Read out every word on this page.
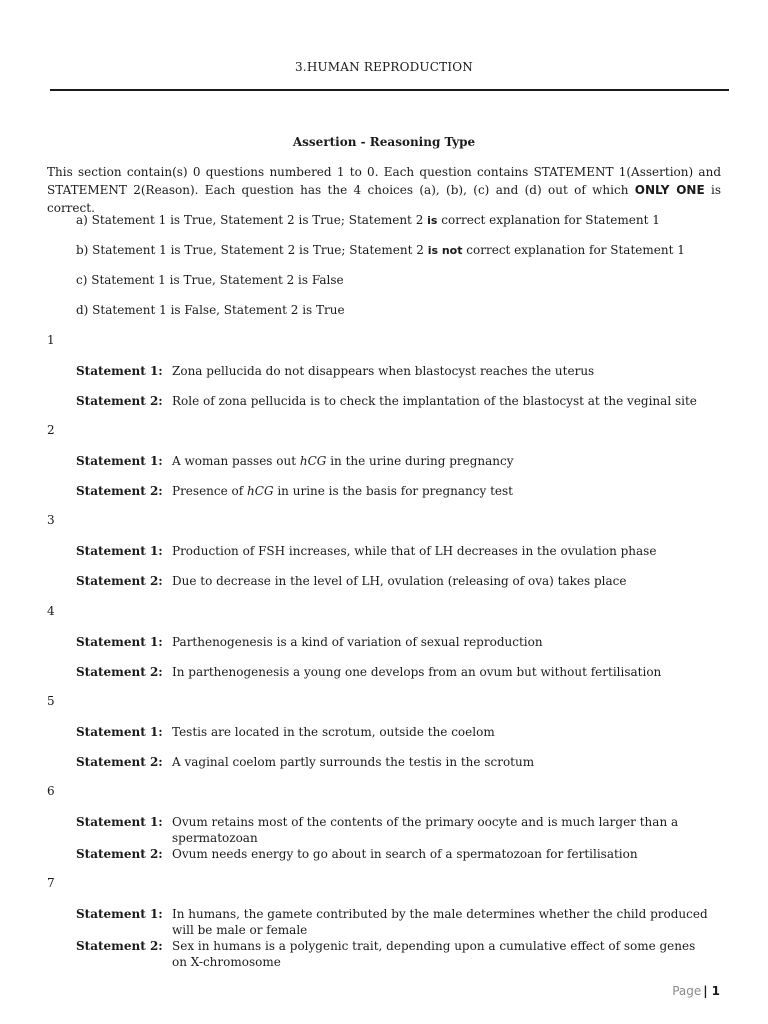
3.HUMAN REPRODUCTION
Assertion - Reasoning Type
This section contain(s) 0 questions numbered 1 to 0. Each question contains STATEMENT 1(Assertion) and STATEMENT 2(Reason). Each question has the 4 choices (a), (b), (c) and (d) out of which ONLY ONE is correct.
a) Statement 1 is True, Statement 2 is True; Statement 2 is correct explanation for Statement 1
b) Statement 1 is True, Statement 2 is True; Statement 2 is not correct explanation for Statement 1
c) Statement 1 is True, Statement 2 is False
d) Statement 1 is False, Statement 2 is True
1
Statement 1: Zona pellucida do not disappears when blastocyst reaches the uterus
Statement 2: Role of zona pellucida is to check the implantation of the blastocyst at the veginal site
2
Statement 1: A woman passes out hCG in the urine during pregnancy
Statement 2: Presence of hCG in urine is the basis for pregnancy test
3
Statement 1: Production of FSH increases, while that of LH decreases in the ovulation phase
Statement 2: Due to decrease in the level of LH, ovulation (releasing of ova) takes place
4
Statement 1: Parthenogenesis is a kind of variation of sexual reproduction
Statement 2: In parthenogenesis a young one develops from an ovum but without fertilisation
5
Statement 1: Testis are located in the scrotum, outside the coelom
Statement 2: A vaginal coelom partly surrounds the testis in the scrotum
6
Statement 1: Ovum retains most of the contents of the primary oocyte and is much larger than a spermatozoan
Statement 2: Ovum needs energy to go about in search of a spermatozoan for fertilisation
7
Statement 1: In humans, the gamete contributed by the male determines whether the child produced will be male or female
Statement 2: Sex in humans is a polygenic trait, depending upon a cumulative effect of some genes on X-chromosome
Page | 1
